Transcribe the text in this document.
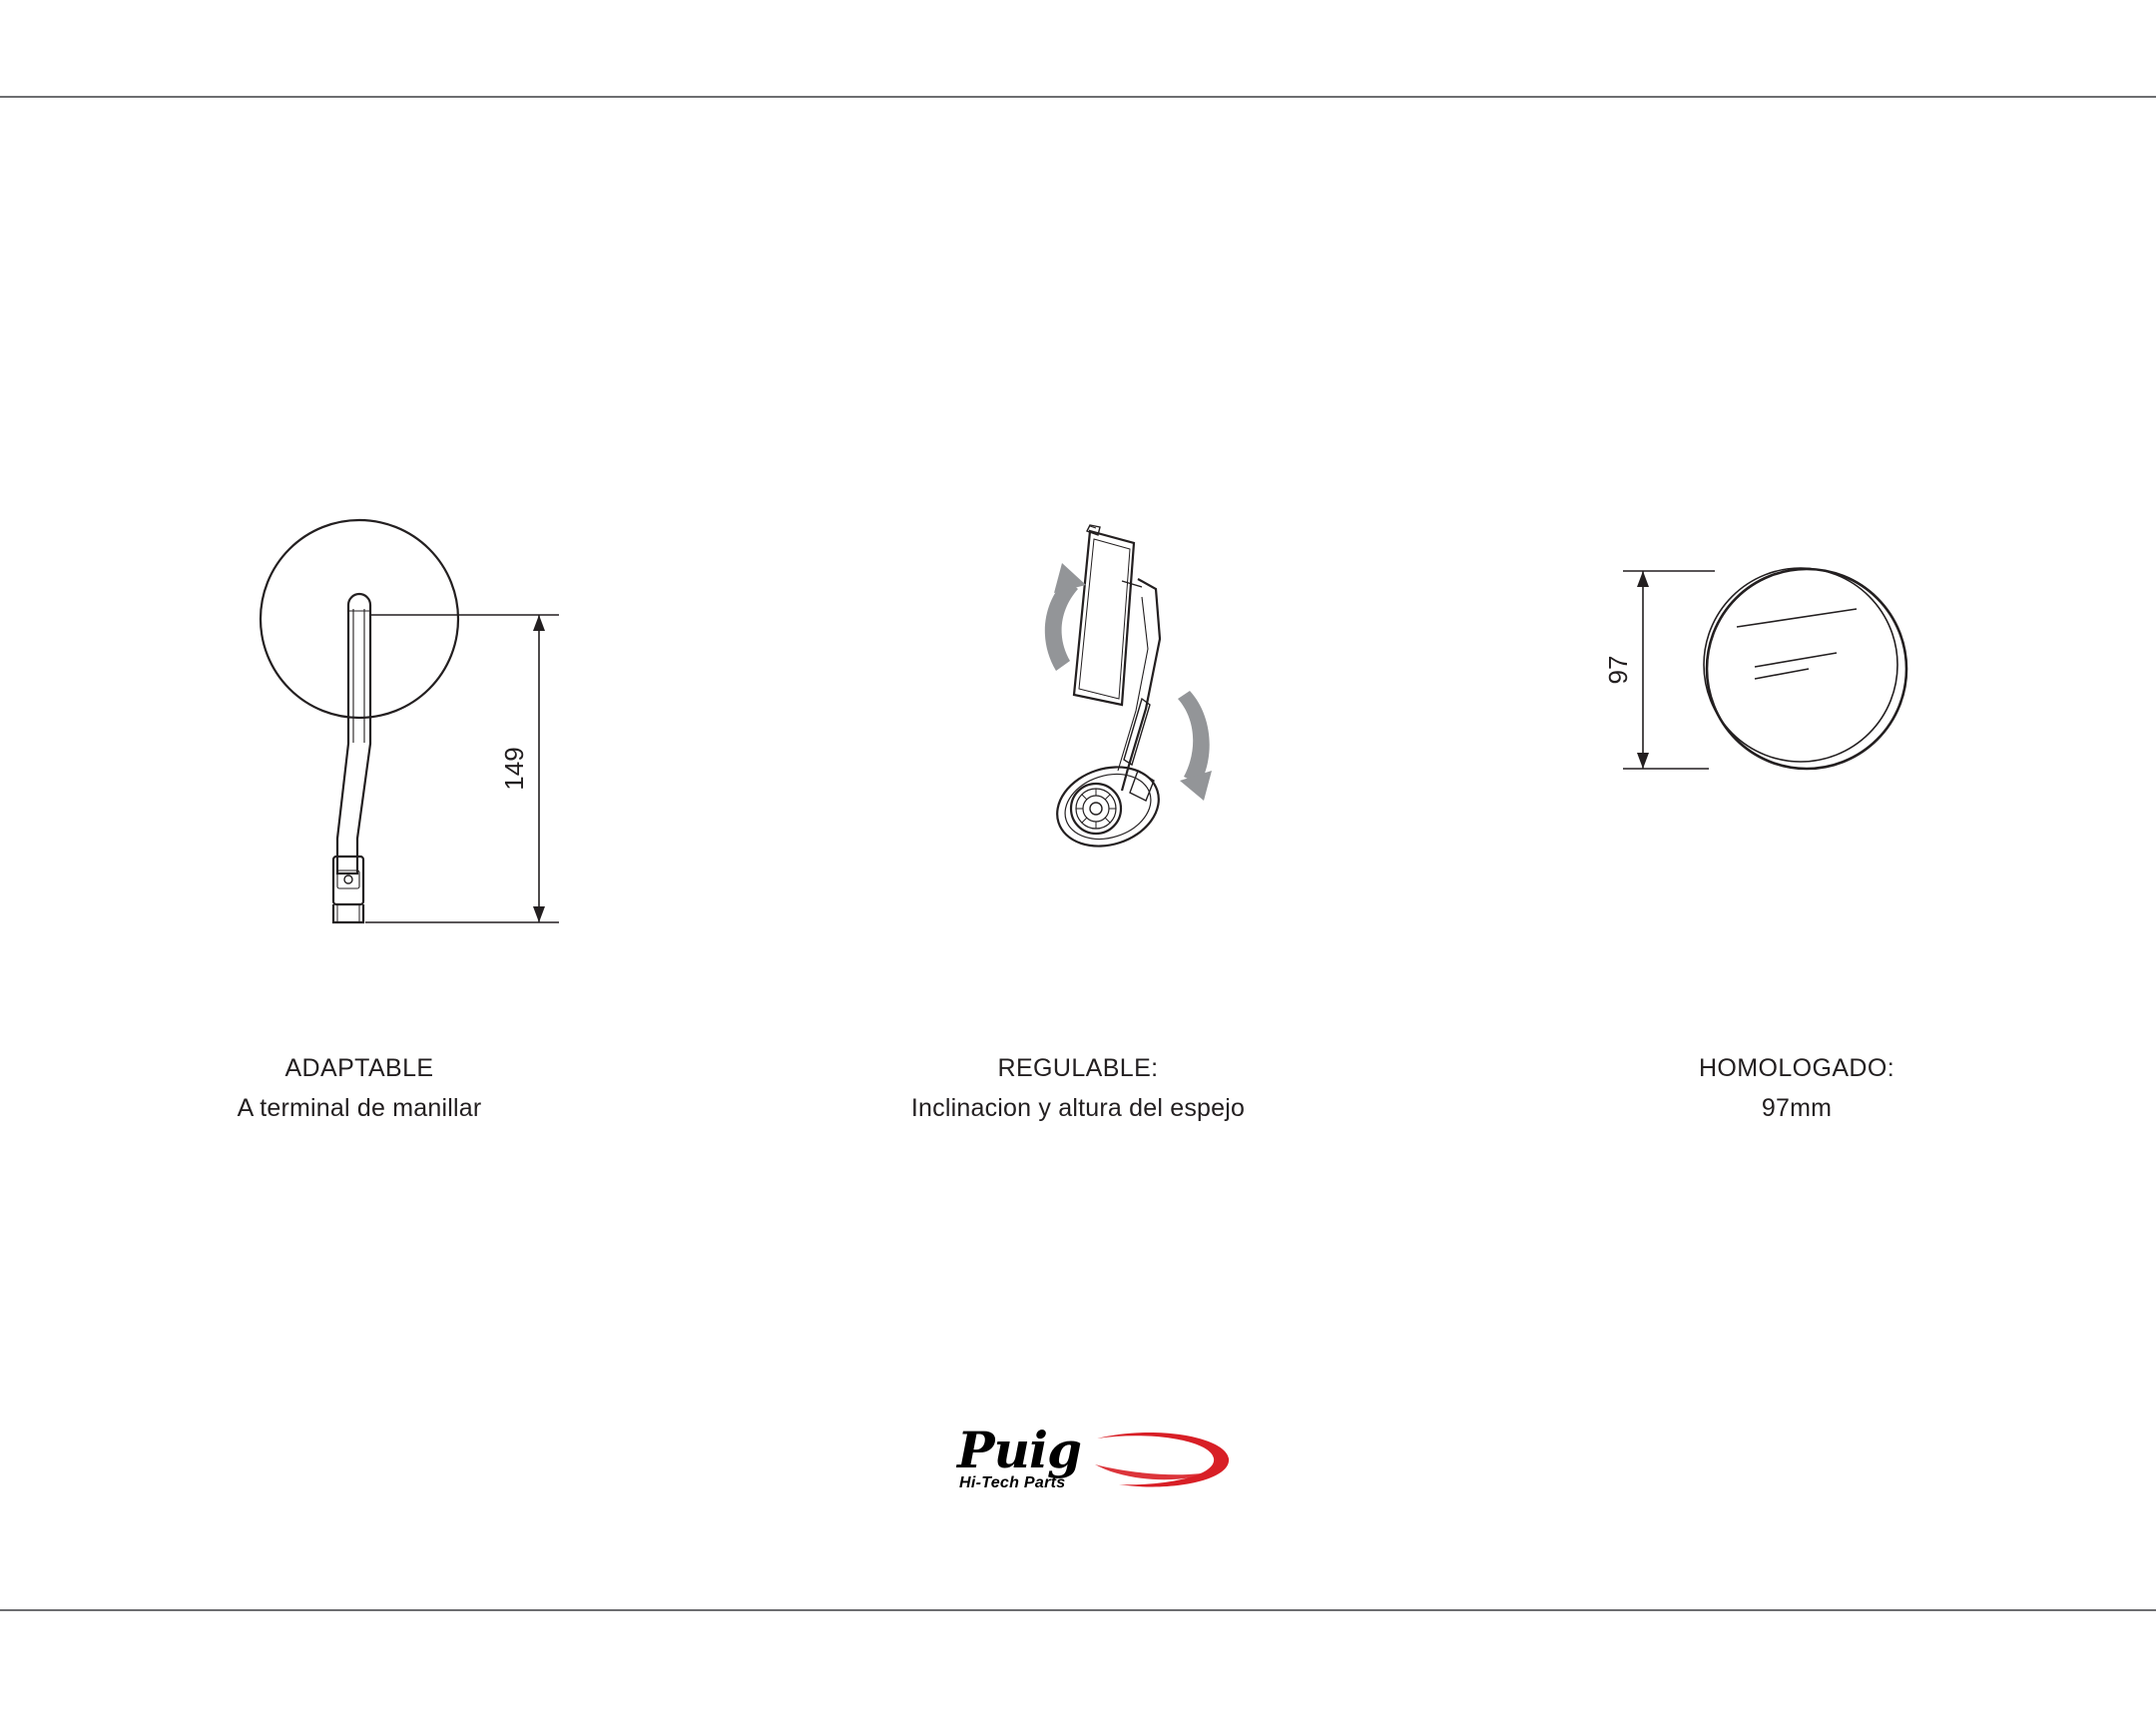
149
97
ADAPTABLE
A terminal de manillar
REGULABLE:
Inclinacion y altura del espejo
HOMOLOGADO:
97mm
Puig
Hi-Tech Parts
